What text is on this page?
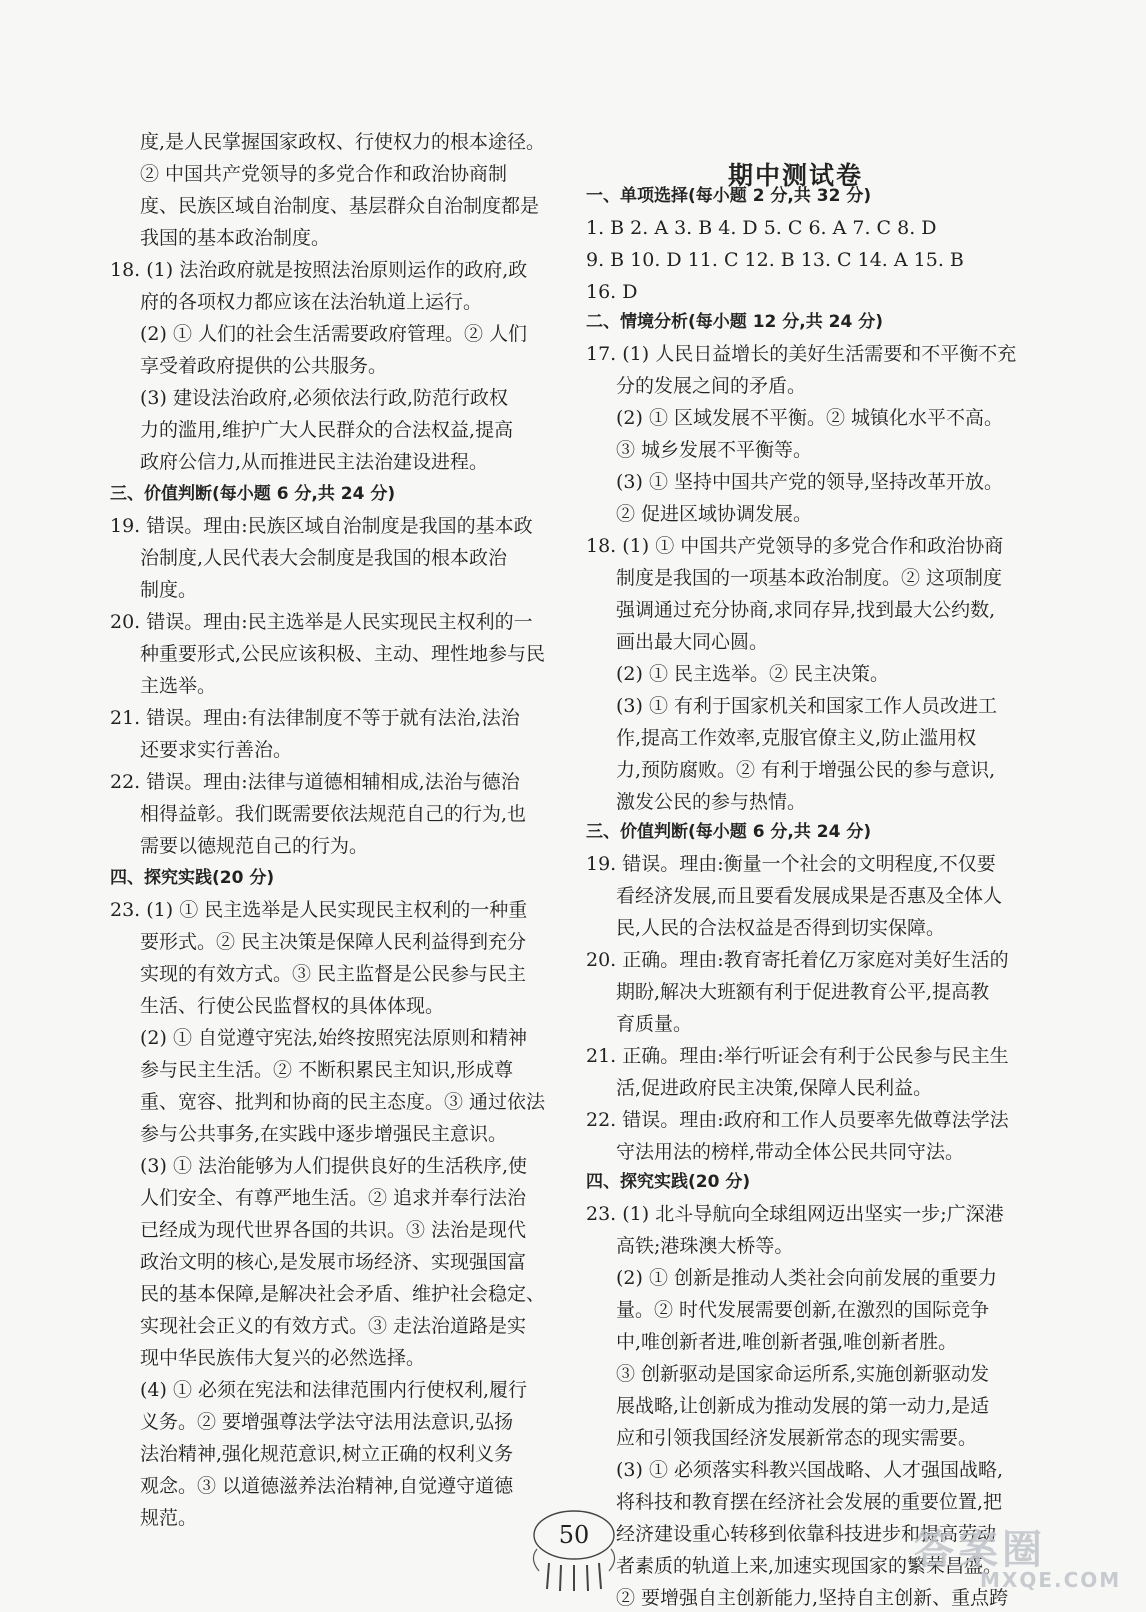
度,是人民掌握国家政权、行使权力的根本途径。
② 中国共产党领导的多党合作和政治协商制
度、民族区域自治制度、基层群众自治制度都是
我国的基本政治制度。
18. (1) 法治政府就是按照法治原则运作的政府,政
府的各项权力都应该在法治轨道上运行。
(2) ① 人们的社会生活需要政府管理。② 人们
享受着政府提供的公共服务。
(3) 建设法治政府,必须依法行政,防范行政权
力的滥用,维护广大人民群众的合法权益,提高
政府公信力,从而推进民主法治建设进程。
三、价值判断(每小题 6 分,共 24 分)
19. 错误。理由:民族区域自治制度是我国的基本政
治制度,人民代表大会制度是我国的根本政治
制度。
20. 错误。理由:民主选举是人民实现民主权利的一
种重要形式,公民应该积极、主动、理性地参与民
主选举。
21. 错误。理由:有法律制度不等于就有法治,法治
还要求实行善治。
22. 错误。理由:法律与道德相辅相成,法治与德治
相得益彰。我们既需要依法规范自己的行为,也
需要以德规范自己的行为。
四、探究实践(20 分)
23. (1) ① 民主选举是人民实现民主权利的一种重
要形式。② 民主决策是保障人民利益得到充分
实现的有效方式。③ 民主监督是公民参与民主
生活、行使公民监督权的具体体现。
(2) ① 自觉遵守宪法,始终按照宪法原则和精神
参与民主生活。② 不断积累民主知识,形成尊
重、宽容、批判和协商的民主态度。③ 通过依法
参与公共事务,在实践中逐步增强民主意识。
(3) ① 法治能够为人们提供良好的生活秩序,使
人们安全、有尊严地生活。② 追求并奉行法治
已经成为现代世界各国的共识。③ 法治是现代
政治文明的核心,是发展市场经济、实现强国富
民的基本保障,是解决社会矛盾、维护社会稳定、
实现社会正义的有效方式。③ 走法治道路是实
现中华民族伟大复兴的必然选择。
(4) ① 必须在宪法和法律范围内行使权利,履行
义务。② 要增强尊法学法守法用法意识,弘扬
法治精神,强化规范意识,树立正确的权利义务
观念。③ 以道德滋养法治精神,自觉遵守道德
规范。
一、单项选择(每小题 2 分,共 32 分)
1. B 2. A 3. B 4. D 5. C 6. A 7. C 8. D
9. B 10. D 11. C 12. B 13. C 14. A 15. B
16. D
二、情境分析(每小题 12 分,共 24 分)
17. (1) 人民日益增长的美好生活需要和不平衡不充
分的发展之间的矛盾。
(2) ① 区域发展不平衡。② 城镇化水平不高。
③ 城乡发展不平衡等。
(3) ① 坚持中国共产党的领导,坚持改革开放。
② 促进区域协调发展。
18. (1) ① 中国共产党领导的多党合作和政治协商
制度是我国的一项基本政治制度。② 这项制度
强调通过充分协商,求同存异,找到最大公约数,
画出最大同心圆。
(2) ① 民主选举。② 民主决策。
(3) ① 有利于国家机关和国家工作人员改进工
作,提高工作效率,克服官僚主义,防止滥用权
力,预防腐败。② 有利于增强公民的参与意识,
激发公民的参与热情。
三、价值判断(每小题 6 分,共 24 分)
19. 错误。理由:衡量一个社会的文明程度,不仅要
看经济发展,而且要看发展成果是否惠及全体人
民,人民的合法权益是否得到切实保障。
20. 正确。理由:教育寄托着亿万家庭对美好生活的
期盼,解决大班额有利于促进教育公平,提高教
育质量。
21. 正确。理由:举行听证会有利于公民参与民主生
活,促进政府民主决策,保障人民利益。
22. 错误。理由:政府和工作人员要率先做尊法学法
守法用法的榜样,带动全体公民共同守法。
四、探究实践(20 分)
23. (1) 北斗导航向全球组网迈出坚实一步;广深港
高铁;港珠澳大桥等。
(2) ① 创新是推动人类社会向前发展的重要力
量。② 时代发展需要创新,在激烈的国际竞争
中,唯创新者进,唯创新者强,唯创新者胜。
③ 创新驱动是国家命运所系,实施创新驱动发
展战略,让创新成为推动发展的第一动力,是适
应和引领我国经济发展新常态的现实需要。
(3) ① 必须落实科教兴国战略、人才强国战略,
将科技和教育摆在经济社会发展的重要位置,把
经济建设重心转移到依靠科技进步和提高劳动
者素质的轨道上来,加速实现国家的繁荣昌盛。
② 要增强自主创新能力,坚持自主创新、重点跨
期中测试卷
50	答案圈
MXQE.COM
